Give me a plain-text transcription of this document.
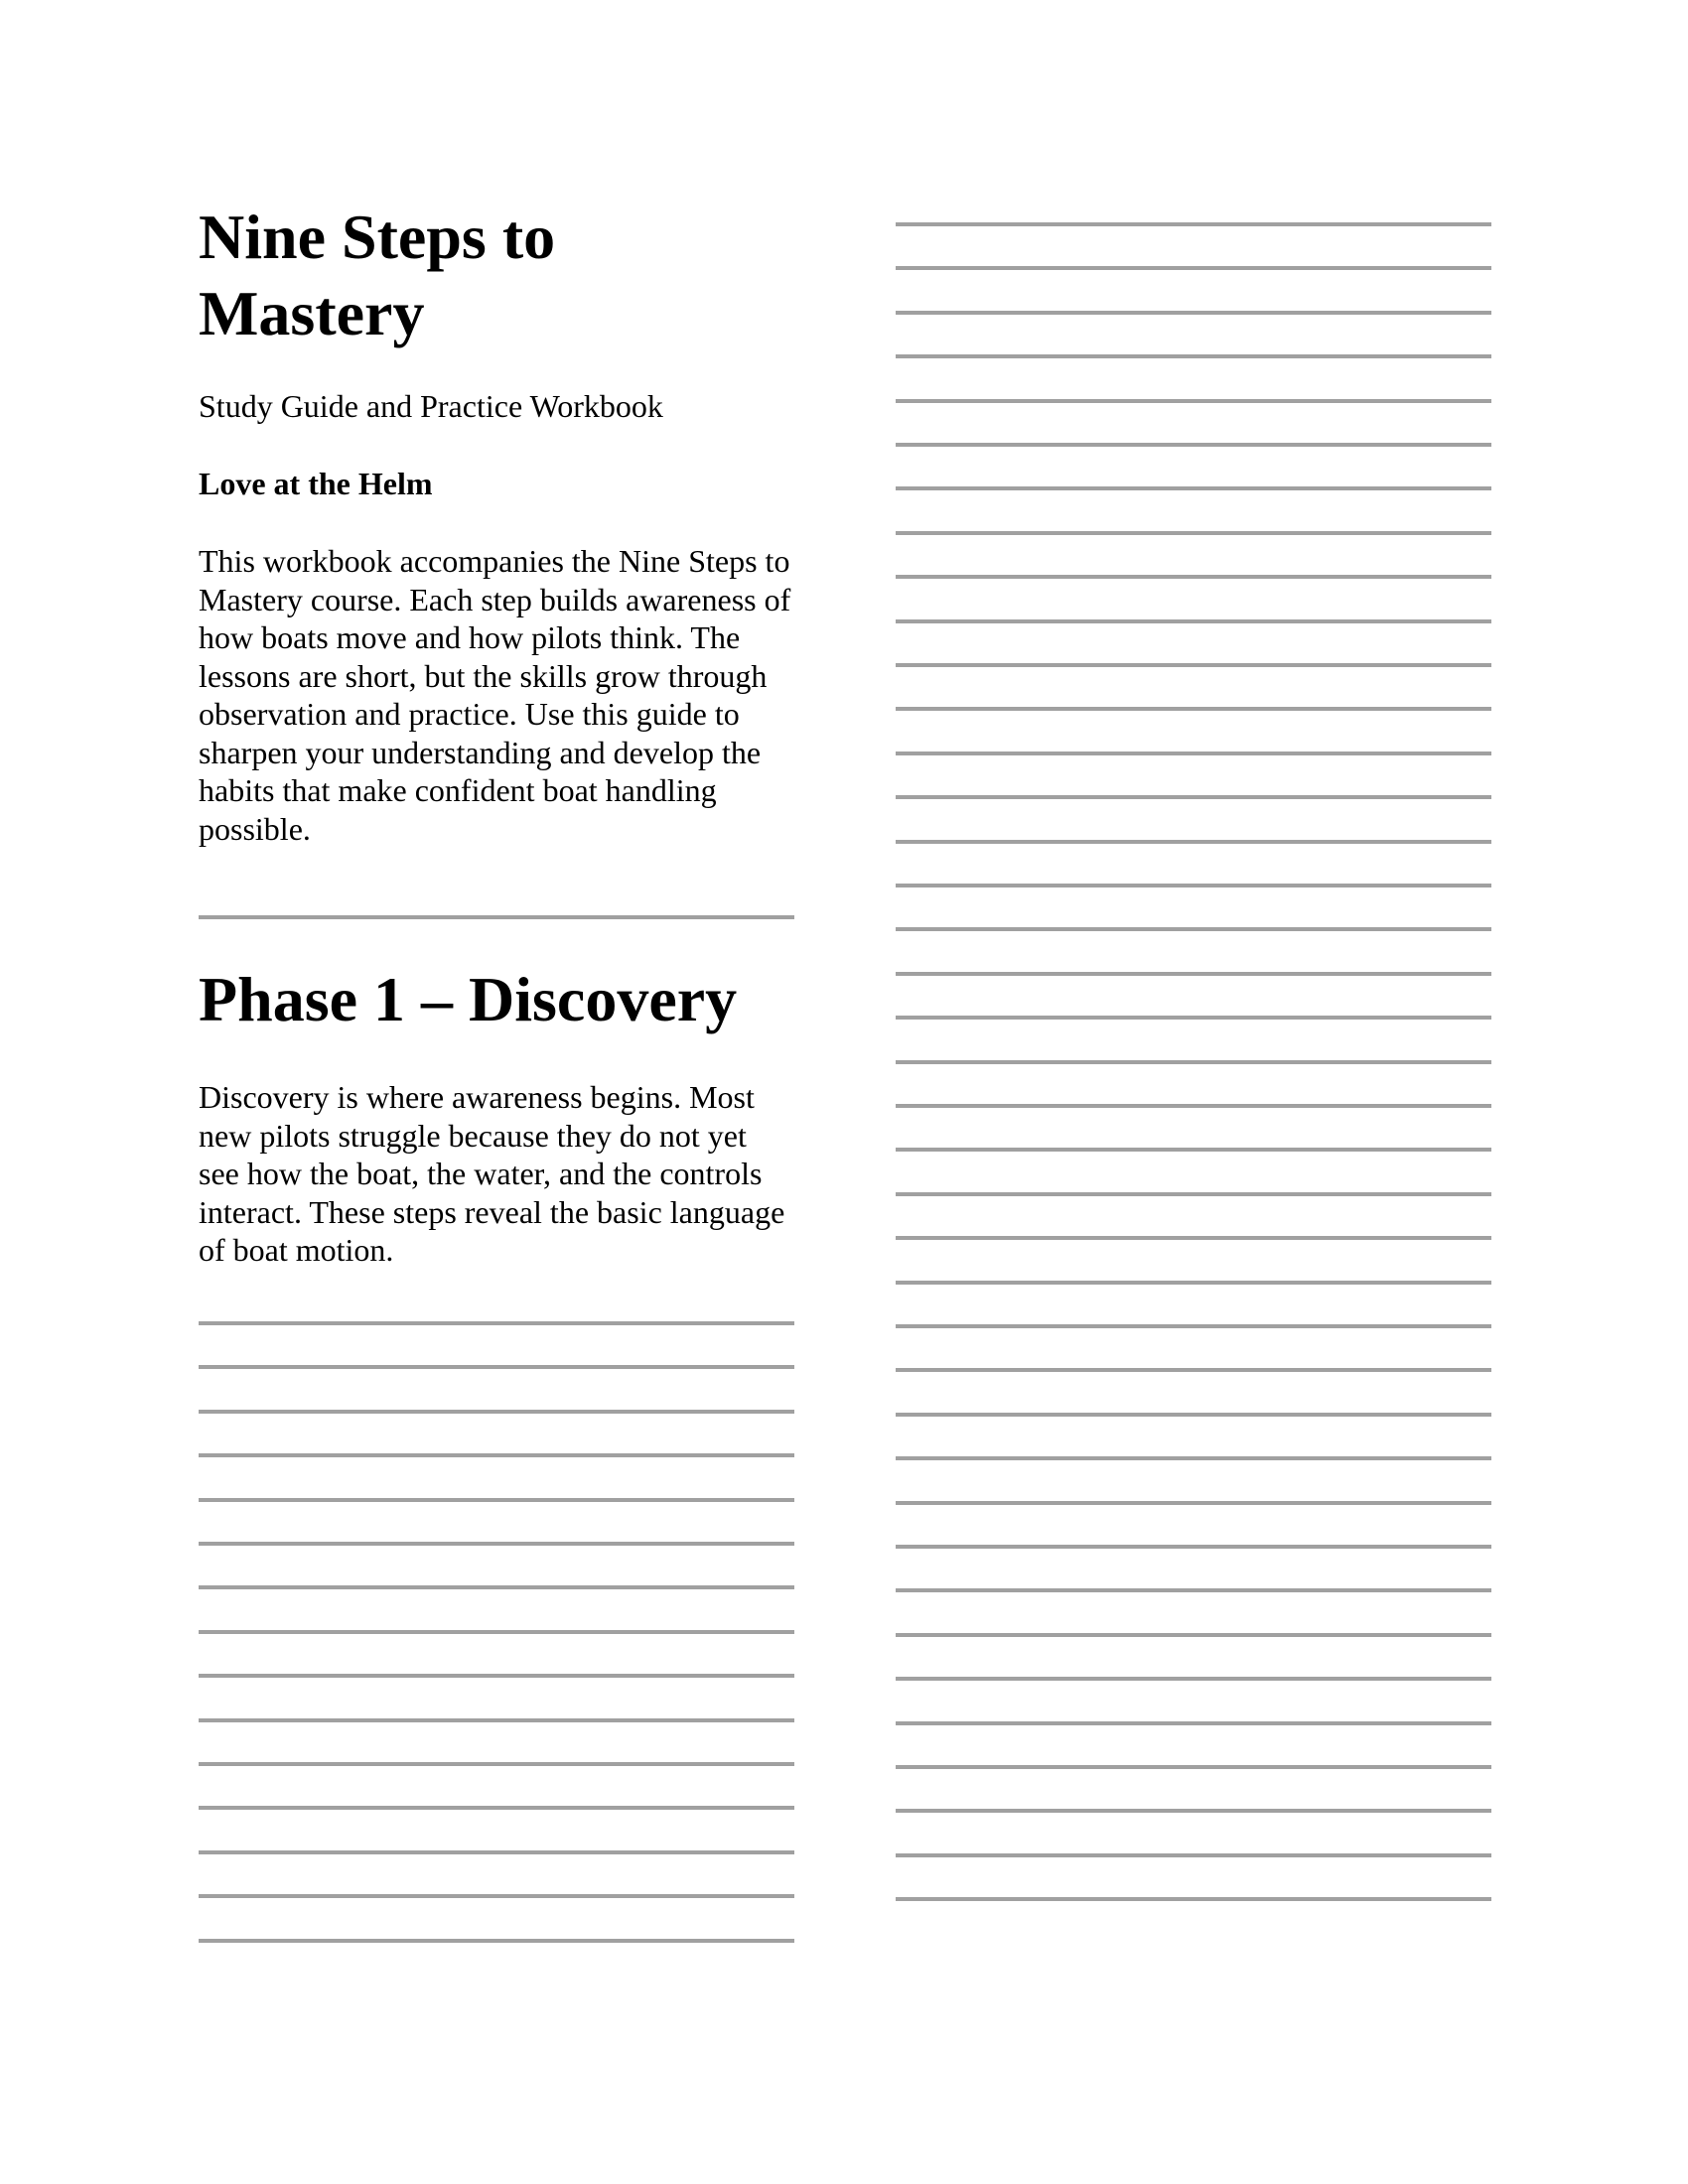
Nine Steps to Mastery

Study Guide and Practice Workbook

Love at the Helm

This workbook accompanies the Nine Steps to Mastery course. Each step builds awareness of how boats move and how pilots think. The lessons are short, but the skills grow through observation and practice. Use this guide to sharpen your understanding and develop the habits that make confident boat handling possible.

Phase 1 – Discovery

Discovery is where awareness begins. Most new pilots struggle because they do not yet see how the boat, the water, and the controls interact. These steps reveal the basic language of boat motion.
